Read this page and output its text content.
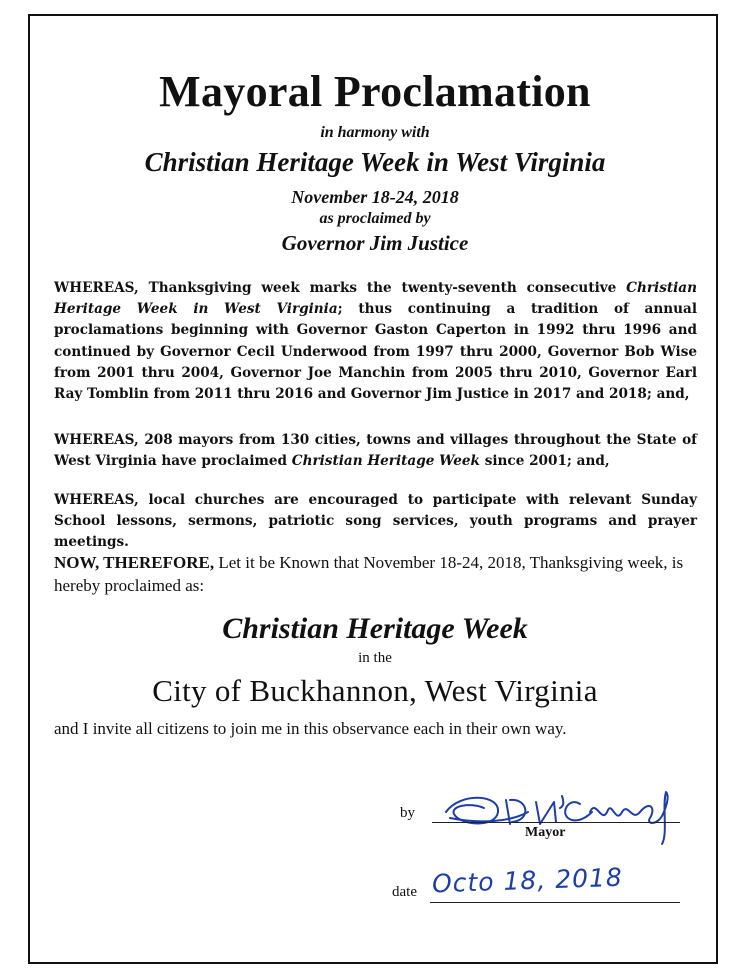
Mayoral Proclamation
in harmony with
Christian Heritage Week in West Virginia
November 18-24, 2018
as proclaimed by
Governor Jim Justice
WHEREAS, Thanksgiving week marks the twenty-seventh consecutive Christian Heritage Week in West Virginia; thus continuing a tradition of annual proclamations beginning with Governor Gaston Caperton in 1992 thru 1996 and continued by Governor Cecil Underwood from 1997 thru 2000, Governor Bob Wise from 2001 thru 2004, Governor Joe Manchin from 2005 thru 2010, Governor Earl Ray Tomblin from 2011 thru 2016 and Governor Jim Justice in 2017 and 2018; and,
WHEREAS, 208 mayors from 130 cities, towns and villages throughout the State of West Virginia have proclaimed Christian Heritage Week since 2001; and,
WHEREAS, local churches are encouraged to participate with relevant Sunday School lessons, sermons, patriotic song services, youth programs and prayer meetings.
NOW, THEREFORE, Let it be Known that November 18-24, 2018, Thanksgiving week, is hereby proclaimed as:
Christian Heritage Week
in the
City of Buckhannon, West Virginia
and I invite all citizens to join me in this observance each in their own way.
by
Mayor
date Octo 18, 2018
